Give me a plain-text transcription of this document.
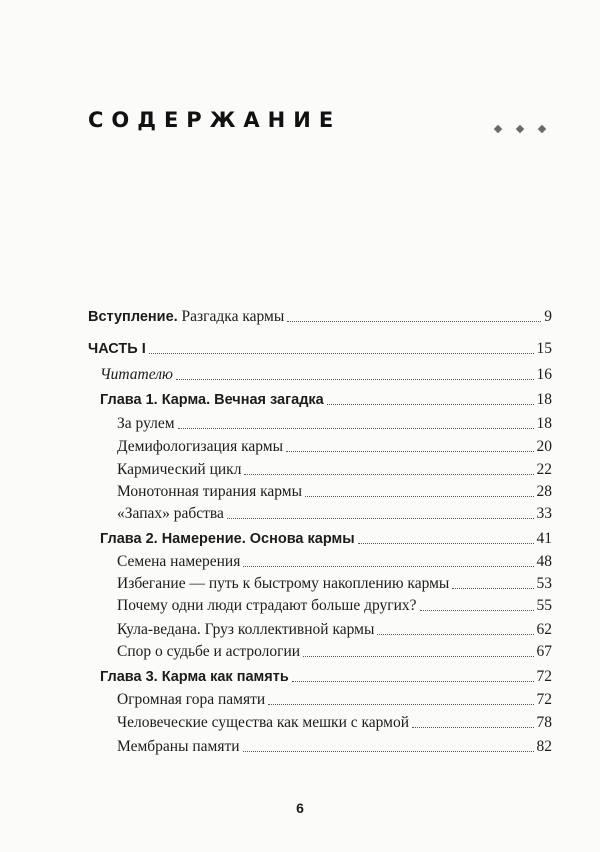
СОДЕРЖАНИЕ

Вступление. Разгадка кармы	9
ЧАСТЬ I	15
Читателю	16
Глава 1. Карма. Вечная загадка	18
За рулем	18
Демифологизация кармы	20
Кармический цикл	22
Монотонная тирания кармы	28
«Запах» рабства	33
Глава 2. Намерение. Основа кармы	41
Семена намерения	48
Избегание — путь к быстрому накоплению кармы	53
Почему одни люди страдают больше других?	55
Кула-ведана. Груз коллективной кармы	62
Спор о судьбе и астрологии	67
Глава 3. Карма как память	72
Огромная гора памяти	72
Человеческие существа как мешки с кармой	78
Мембраны памяти	82
6
